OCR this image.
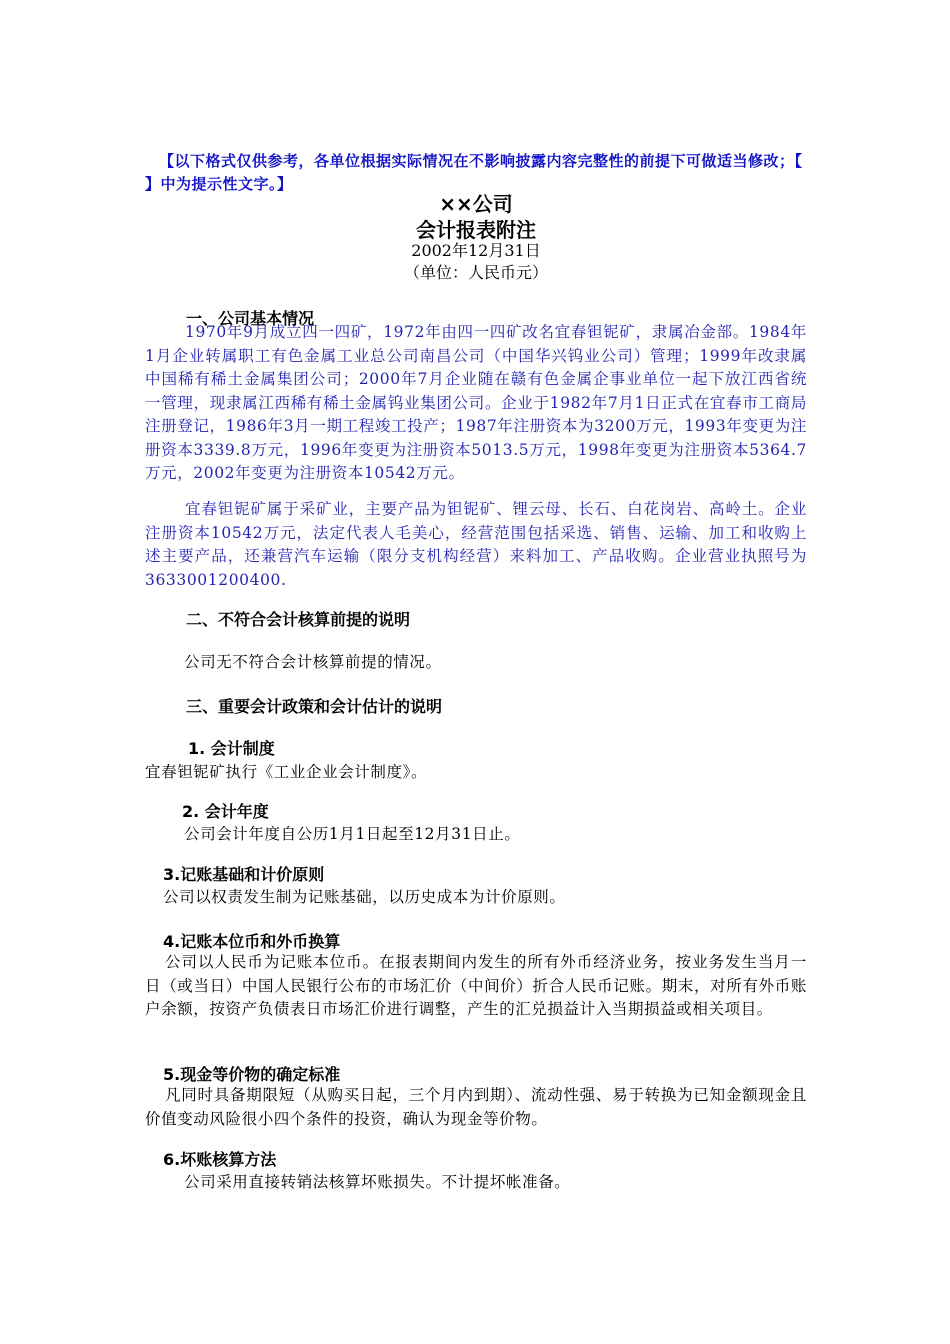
【以下格式仅供参考，各单位根据实际情况在不影响披露内容完整性的前提下可做适当修改；【 】中为提示性文字。】
××公司
会计报表附注
2002年12月31日
（单位：人民币元）
一、公司基本情况
1970年9月成立四一四矿，1972年由四一四矿改名宜春钽铌矿，隶属冶金部。1984年1月企业转属职工有色金属工业总公司南昌公司（中国华兴钨业公司）管理；1999年改隶属中国稀有稀土金属集团公司；2000年7月企业随在赣有色金属企事业单位一起下放江西省统一管理，现隶属江西稀有稀土金属钨业集团公司。企业于1982年7月1日正式在宜春市工商局注册登记，1986年3月一期工程竣工投产；1987年注册资本为3200万元，1993年变更为注册资本3339.8万元，1996年变更为注册资本5013.5万元，1998年变更为注册资本5364.7万元，2002年变更为注册资本10542万元。
宜春钽铌矿属于采矿业，主要产品为钽铌矿、锂云母、长石、白花岗岩、高岭土。企业注册资本10542万元，法定代表人毛美心，经营范围包括采选、销售、运输、加工和收购上述主要产品，还兼营汽车运输（限分支机构经营）来料加工、产品收购。企业营业执照号为3633001200400.
二、不符合会计核算前提的说明
公司无不符合会计核算前提的情况。
三、重要会计政策和会计估计的说明
1. 会计制度
宜春钽铌矿执行《工业企业会计制度》。
2. 会计年度
公司会计年度自公历1月1日起至12月31日止。
3.记账基础和计价原则
公司以权责发生制为记账基础，以历史成本为计价原则。
4.记账本位币和外币换算
公司以人民币为记账本位币。在报表期间内发生的所有外币经济业务，按业务发生当月一日（或当日）中国人民银行公布的市场汇价（中间价）折合人民币记账。期末，对所有外币账户余额，按资产负债表日市场汇价进行调整，产生的汇兑损益计入当期损益或相关项目。
5.现金等价物的确定标准
凡同时具备期限短（从购买日起，三个月内到期）、流动性强、易于转换为已知金额现金且价值变动风险很小四个条件的投资，确认为现金等价物。
6.坏账核算方法
公司采用直接转销法核算坏账损失。不计提坏帐准备。
